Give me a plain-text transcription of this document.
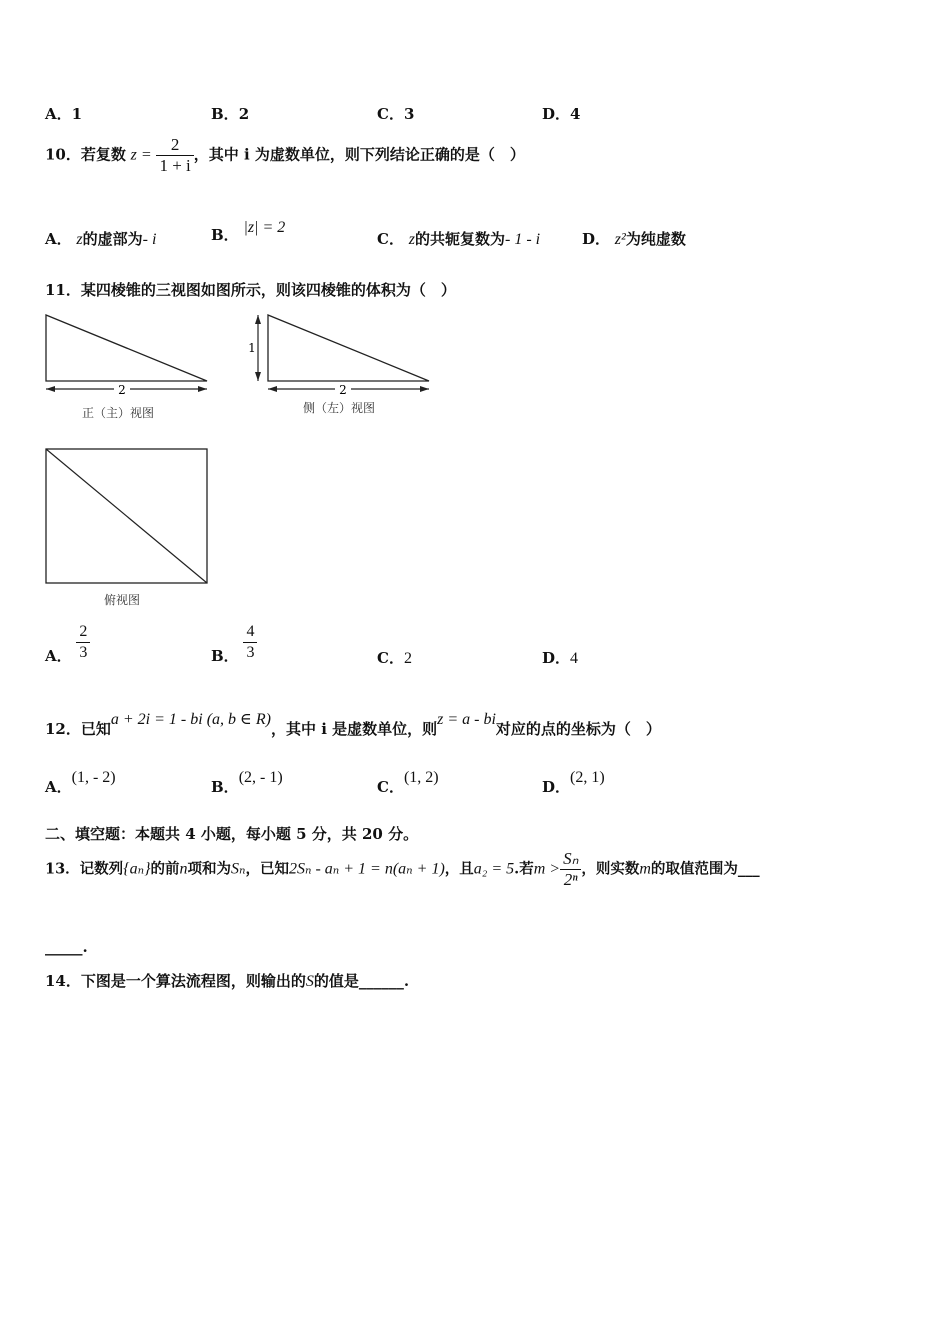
A．1	B．2	C．3	D．4
10．若复数 $z = \frac{2}{1 + i}$ ，其中 i 为虚数单位，则下列结论正确的是（　）
A． z的虚部为- i	B． |z| = 2
C． z的共轭复数为- 1 - i	D． z²为纯虚数
11．某四棱锥的三视图如图所示，则该四棱锥的体积为（　）
2
正（主）视图
1
2
侧（左）视图
俯视图
A． $\frac{2}{3}$	B． $\frac{4}{3}$	C．2	D．4
12．已知a + 2i = 1 - bi (a, b ∈ R)，其中 i 是虚数单位，则z = a - bi对应的点的坐标为（　）
A．(1, - 2)
B．(2, - 1)
C．(1, 2)
D．(2, 1)
二、填空题：本题共 4 小题，每小题 5 分，共 20 分。
13．记数列{aₙ}的前n项和为Sₙ，已知2Sₙ - aₙ + 1 = n(aₙ + 1)，且a₂ = 5.若$m > \frac{\text{Sₙ}}{\text{2ⁿ}}$ ，则实数m的取值范围为___
_____.
14．下图是一个算法流程图，则输出的S的值是______.
